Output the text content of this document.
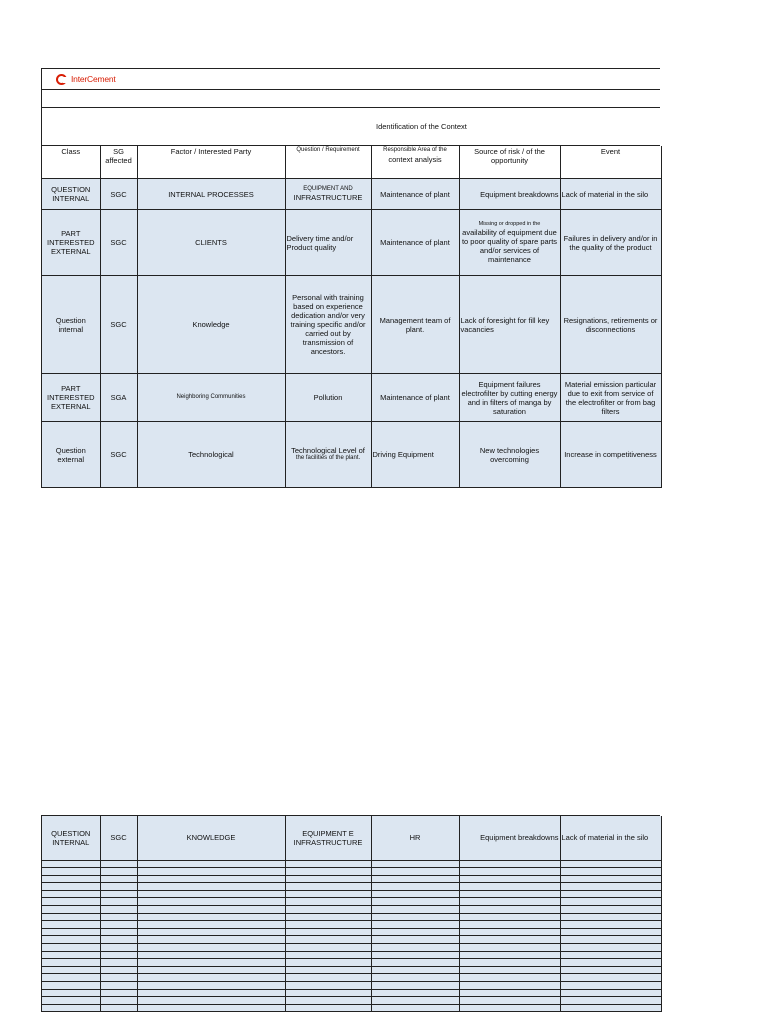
InterCement
Identification of the Context
Class	SG affected	Factor / Interested Party	Question / Requirement	Responsible Area of the
context analysis	Source of risk / of the opportunity	Event
QUESTION INTERNAL	SGC	INTERNAL PROCESSES	EQUIPMENT AND
INFRASTRUCTURE	Maintenance of plant	Equipment breakdowns	Lack of material in the silo
PART INTERESTED EXTERNAL	SGC	CLIENTS	Delivery time and/or Product quality	Maintenance of plant	Missing or dropped in the
availability of equipment due to poor quality of spare parts and/or services of maintenance	Failures in delivery and/or in the quality of the product
Question internal	SGC	Knowledge	Personal with training based on experience dedication and/or very training specific and/or carried out by transmission of ancestors.	Management team of plant.	Lack of foresight for fill key vacancies	Resignations, retirements or disconnections
PART INTERESTED EXTERNAL	SGA	Neighboring Communities	Pollution	Maintenance of plant	Equipment failures electrofilter by cutting energy and in filters of manga by saturation	Material emission particular due to exit from service of the electrofilter or from bag filters
Question external	SGC	Technological	Technological Level of
the facilities of the plant.	Driving Equipment	New technologies overcoming	Increase in competitiveness
QUESTION INTERNAL	SGC	KNOWLEDGE	EQUIPMENT E INFRASTRUCTURE	HR	Equipment breakdowns	Lack of material in the silo
